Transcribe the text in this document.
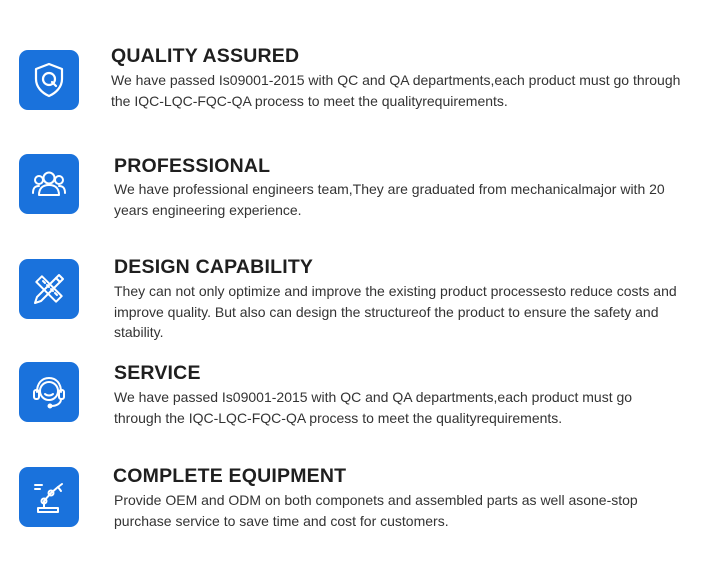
QUALITY ASSURED
We have passed Is09001-2015 with QC and QA departments,each product must go through the IQC-LQC-FQC-QA process to meet the qualityrequirements.
PROFESSIONAL
We have professional engineers team,They are graduated from mechanicalmajor with 20 years engineering experience.
DESIGN CAPABILITY
They can not only optimize and improve the existing product processesto reduce costs and improve quality. But also can design the structureof the product to ensure the safety and stability.
SERVICE
We have passed Is09001-2015 with QC and QA departments,each product must go through the IQC-LQC-FQC-QA process to meet the qualityrequirements.
COMPLETE EQUIPMENT
Provide OEM and ODM on both componets and assembled parts as well asone-stop purchase service to save time and cost for customers.
